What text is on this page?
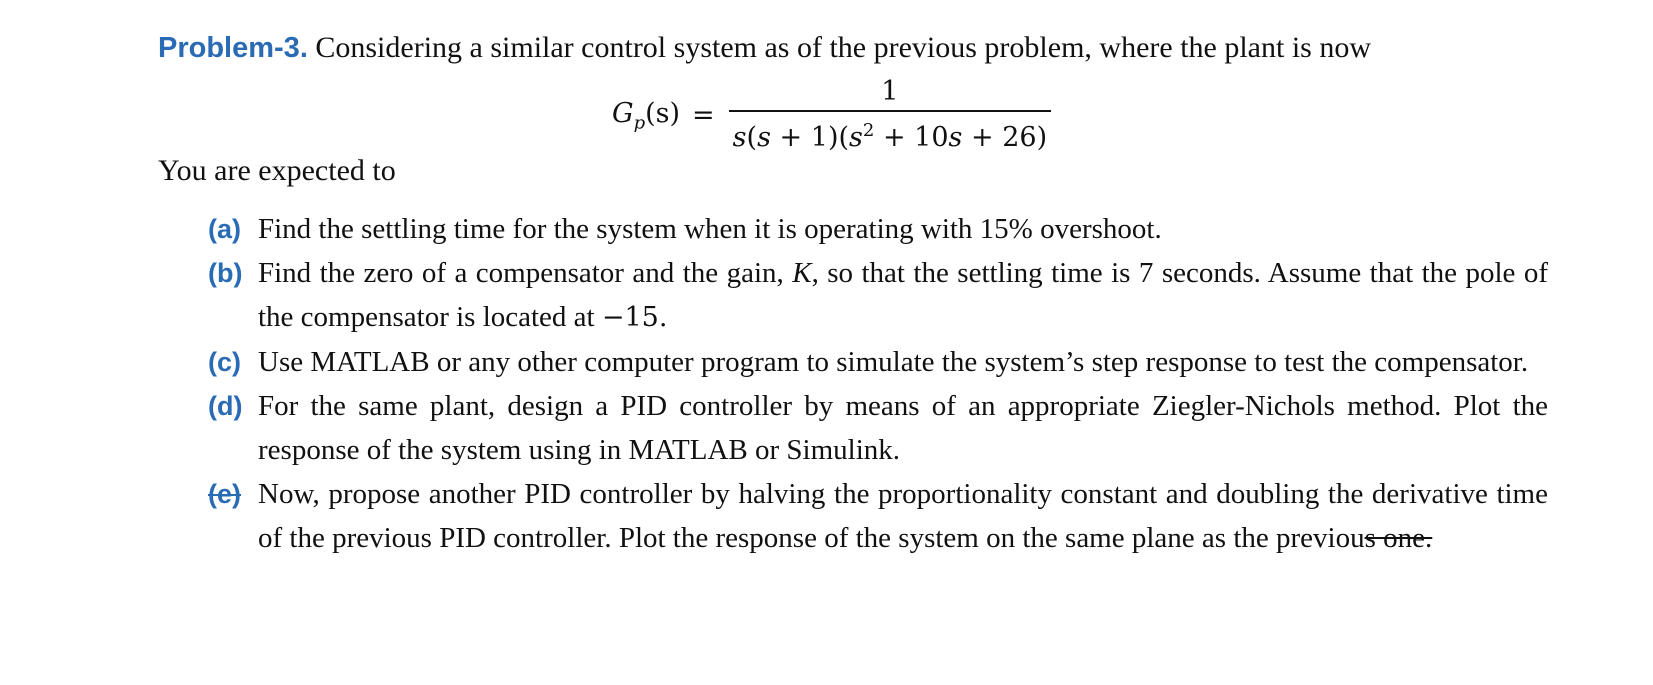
Problem-3. Considering a similar control system as of the previous problem, where the plant is now
$G_p(s) = \frac{1}{s(s + 1)(s^2 + 10s + 26)}$
You are expected to
(a) Find the settling time for the system when it is operating with 15% overshoot.
(b) Find the zero of a compensator and the gain, K, so that the settling time is 7 seconds. Assume that the pole of the compensator is located at −15.
(c) Use MATLAB or any other computer program to simulate the system’s step response to test the compensator.
(d) For the same plant, design a PID controller by means of an appropriate Ziegler-Nichols method. Plot the response of the system using in MATLAB or Simulink.
(e) Now, propose another PID controller by halving the proportionality constant and doubling the derivative time of the previous PID controller. Plot the response of the system on the same plane as the previous one.
